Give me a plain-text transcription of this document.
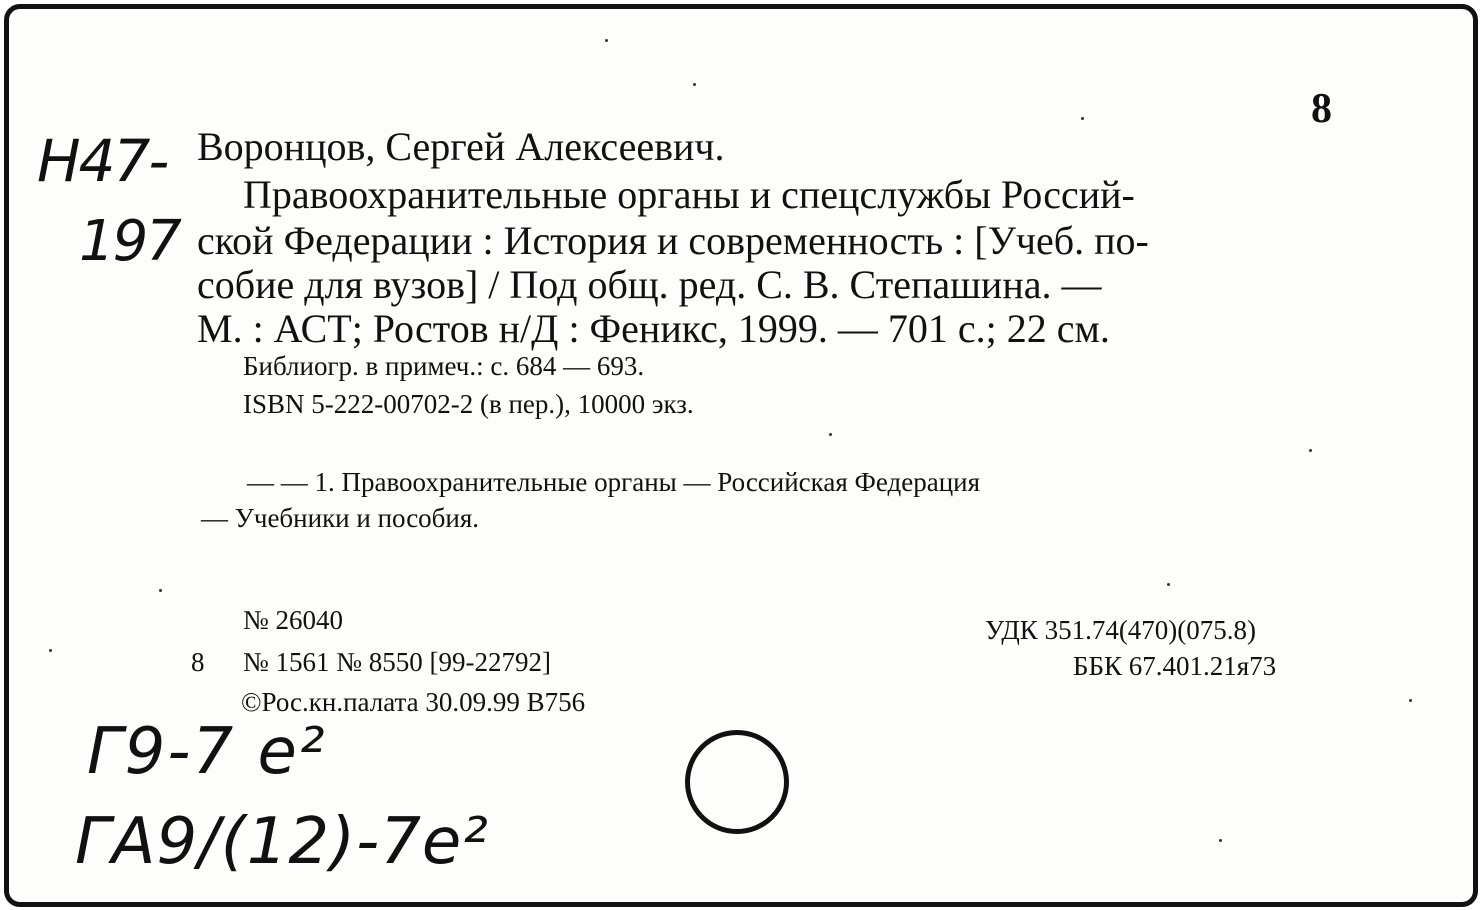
8

Н47-

197

Воронцов, Сергей Алексеевич.

Правоохранительные органы и спецслужбы Россий-

ской Федерации : История и современность : [Учеб. по-

собие для вузов] / Под общ. ред. С. В. Степашина. —

М. : АСТ; Ростов н/Д : Феникс, 1999. — 701 с.; 22 см.

Библиогр. в примеч.: с. 684 — 693.

ISBN 5-222-00702-2 (в пер.), 10000 экз.

— — 1. Правоохранительные органы — Российская Федерация

— Учебники и пособия.

№ 26040

8 № 1561 № 8550 [99-22792]

©Рос.кн.палата 30.09.99 В756

УДК 351.74(470)(075.8)

ББК 67.401.21я73

Г9-7 е²

ГА9/(12)-7е²
